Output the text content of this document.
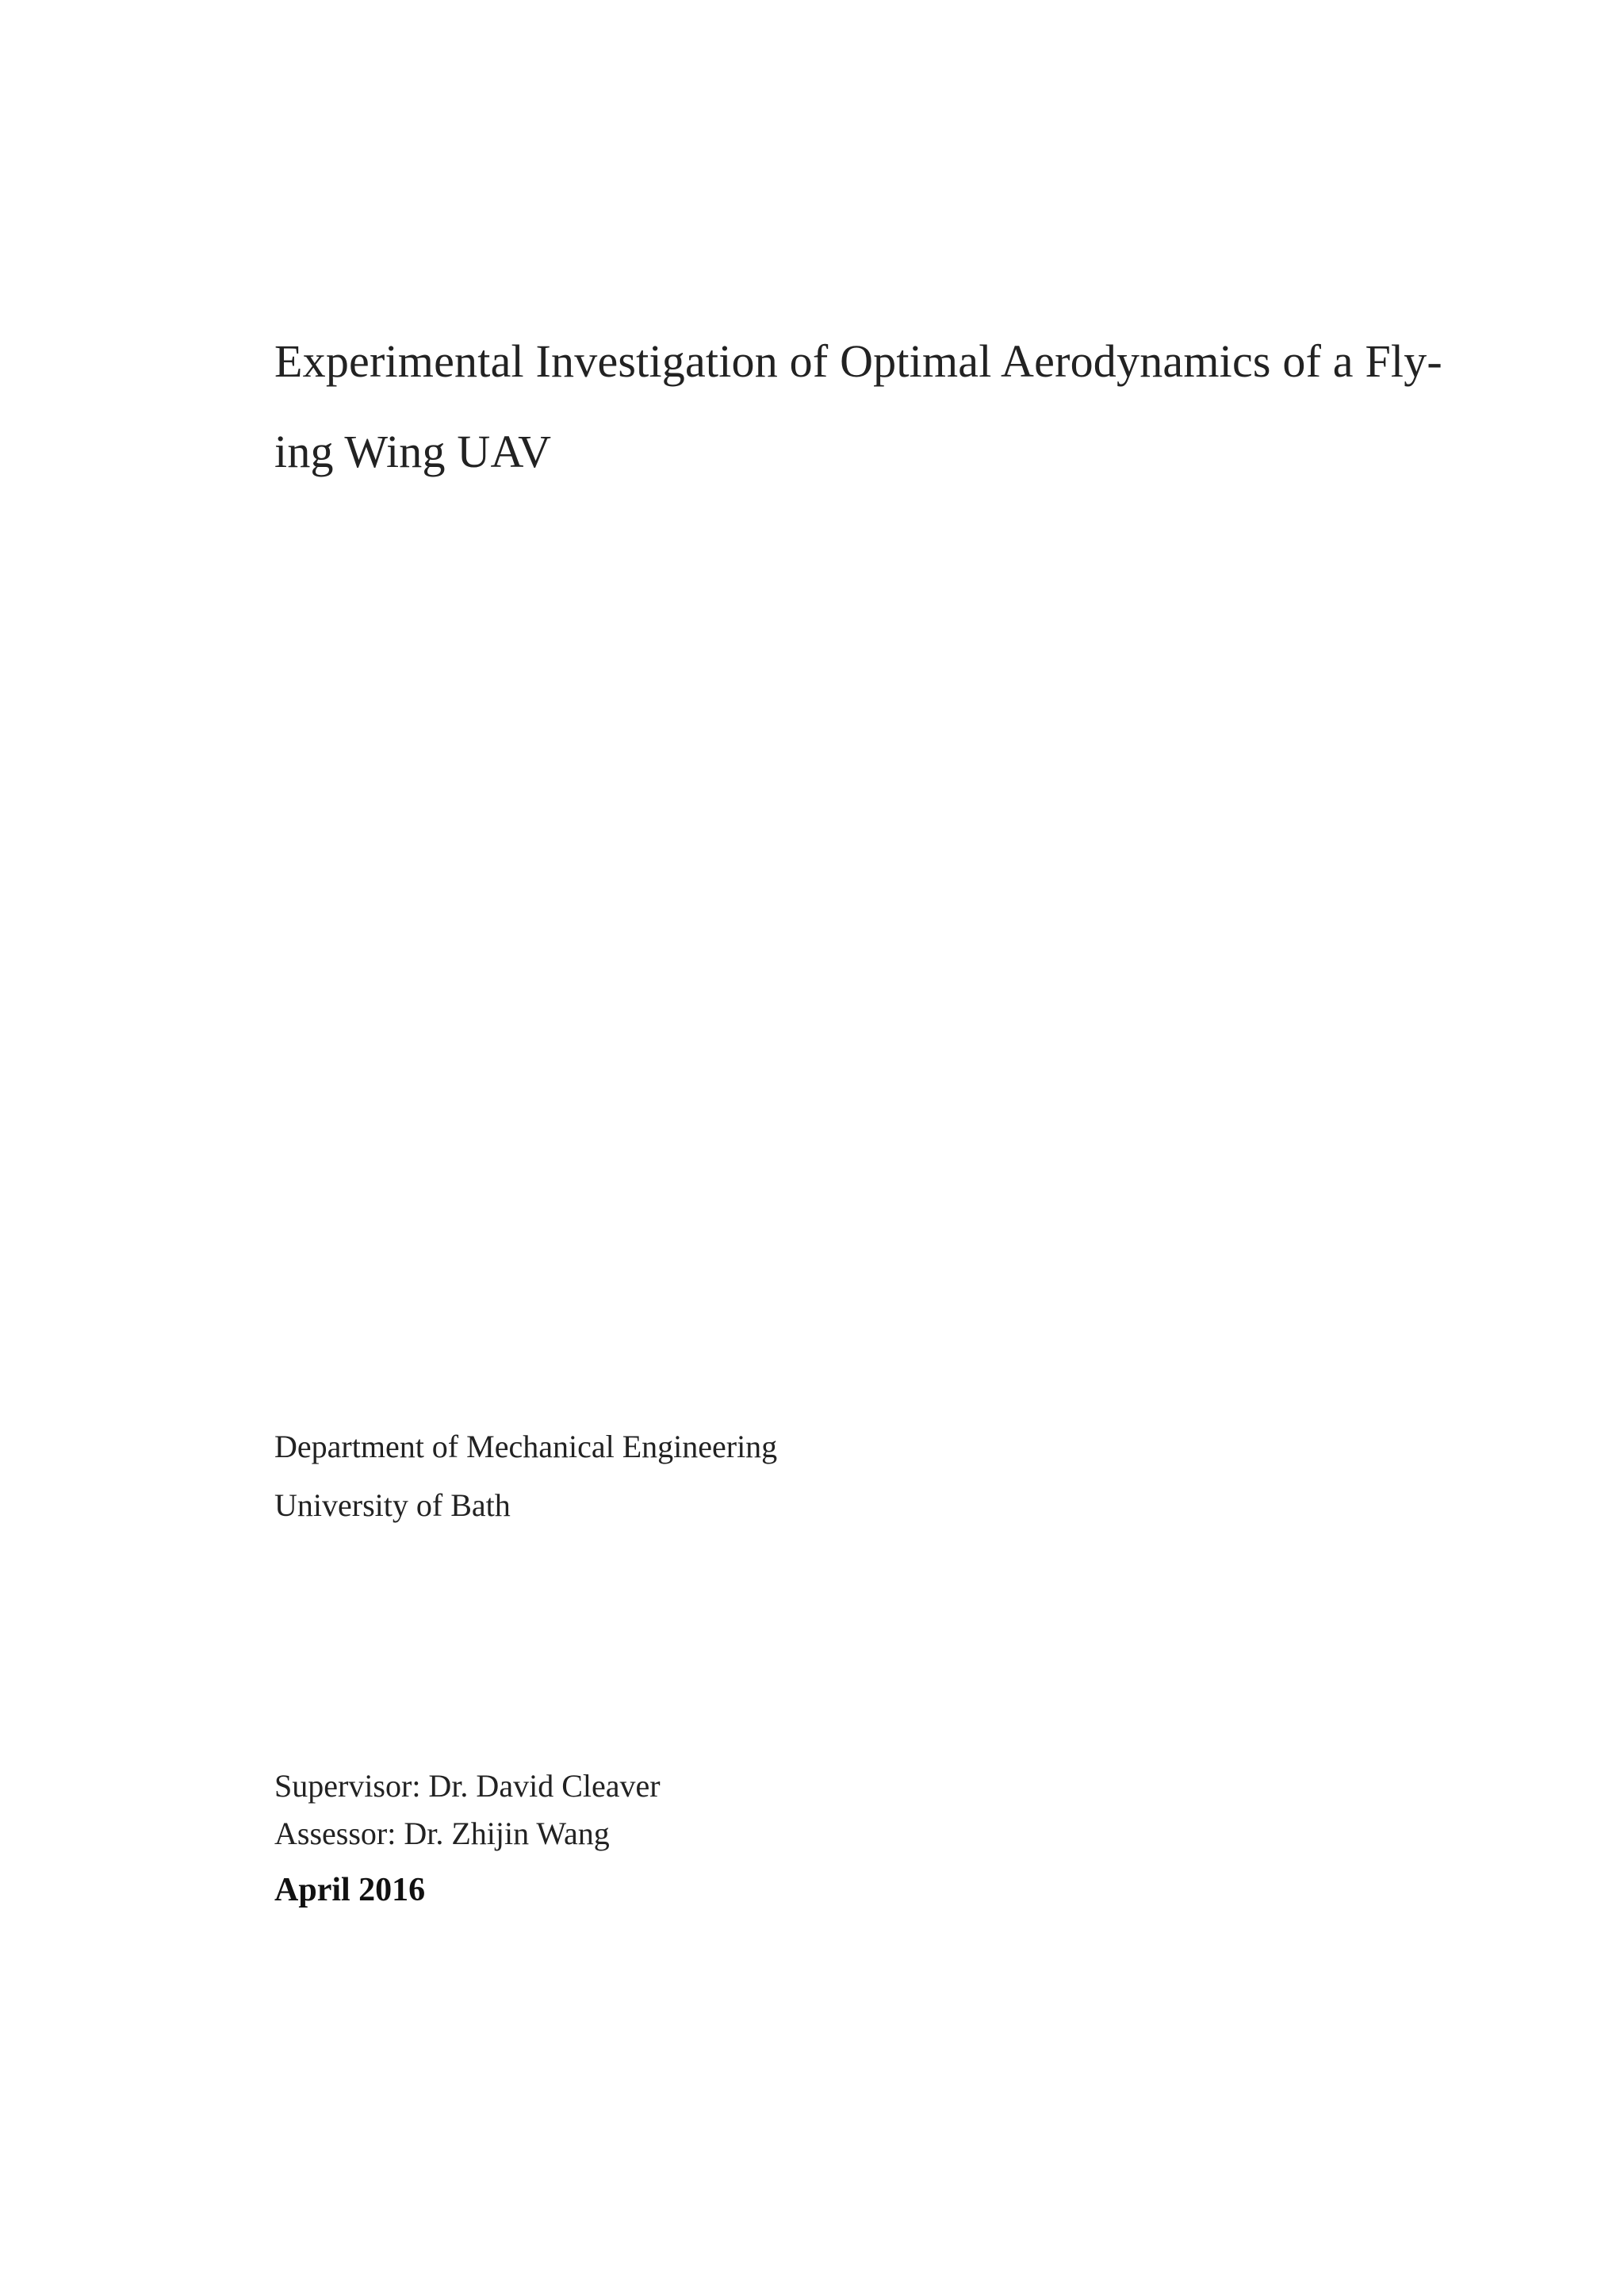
Experimental Investigation of Optimal Aerodynamics of a Fly-
ing Wing UAV
Department of Mechanical Engineering
University of Bath
Supervisor: Dr. David Cleaver
Assessor: Dr. Zhijin Wang
April 2016
